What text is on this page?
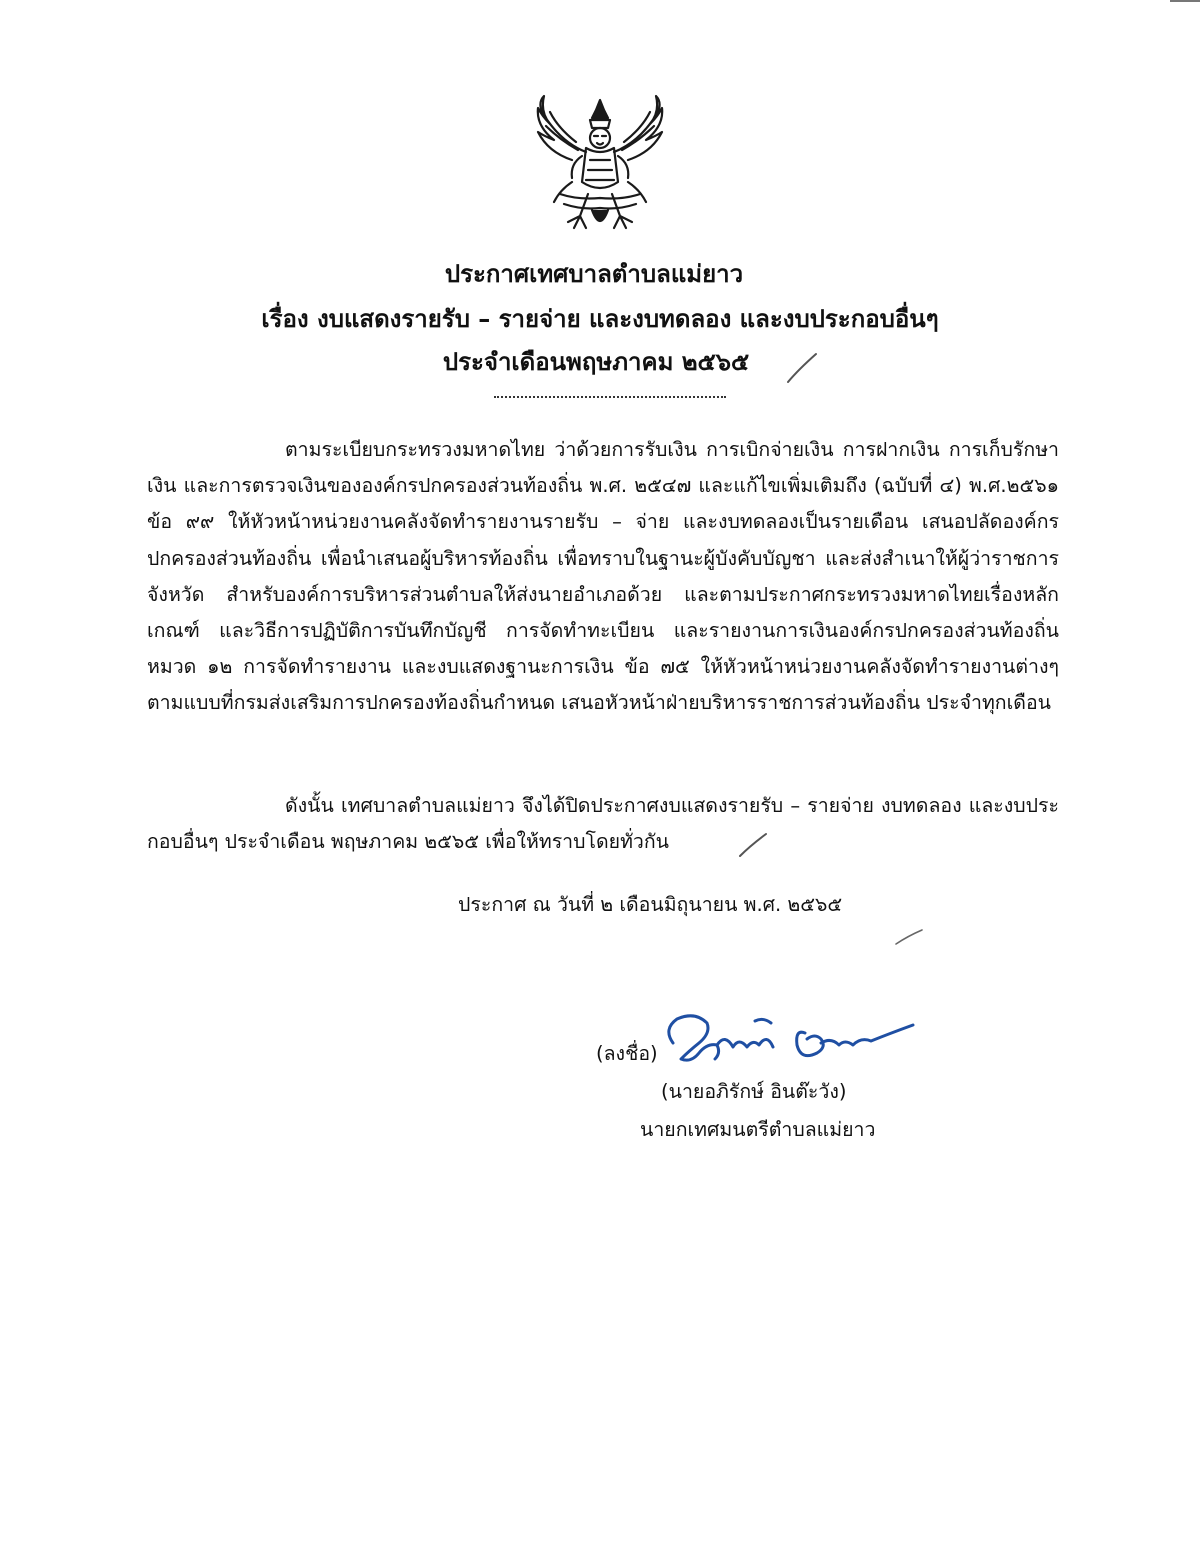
ประกาศเทศบาลตำบลแม่ยาว
เรื่อง งบแสดงรายรับ – รายจ่าย และงบทดลอง และงบประกอบอื่นๆ
ประจำเดือนพฤษภาคม ๒๕๖๕

ตามระเบียบกระทรวงมหาดไทย ว่าด้วยการรับเงิน การเบิกจ่ายเงิน การฝากเงิน การเก็บรักษาเงิน และการตรวจเงินขององค์กรปกครองส่วนท้องถิ่น พ.ศ. ๒๕๔๗ และแก้ไขเพิ่มเติมถึง (ฉบับที่ ๔) พ.ศ.๒๕๖๑ ข้อ ๙๙ ให้หัวหน้าหน่วยงานคลังจัดทำรายงานรายรับ – จ่าย และงบทดลองเป็นรายเดือน เสนอปลัดองค์กรปกครองส่วนท้องถิ่น เพื่อนำเสนอผู้บริหารท้องถิ่น เพื่อทราบในฐานะผู้บังคับบัญชา และส่งสำเนาให้ผู้ว่าราชการจังหวัด สำหรับองค์การบริหารส่วนตำบลให้ส่งนายอำเภอด้วย และตามประกาศกระทรวงมหาดไทยเรื่องหลักเกณฑ์ และวิธีการปฏิบัติการบันทึกบัญชี การจัดทำทะเบียน และรายงานการเงินองค์กรปกครองส่วนท้องถิ่น หมวด ๑๒ การจัดทำรายงาน และงบแสดงฐานะการเงิน ข้อ ๗๕ ให้หัวหน้าหน่วยงานคลังจัดทำรายงานต่างๆ ตามแบบที่กรมส่งเสริมการปกครองท้องถิ่นกำหนด เสนอหัวหน้าฝ่ายบริหารราชการส่วนท้องถิ่น ประจำทุกเดือน

ดังนั้น เทศบาลตำบลแม่ยาว จึงได้ปิดประกาศงบแสดงรายรับ – รายจ่าย งบทดลอง และงบประกอบอื่นๆ ประจำเดือน พฤษภาคม ๒๕๖๕ เพื่อให้ทราบโดยทั่วกัน

ประกาศ ณ วันที่ ๒ เดือนมิถุนายน พ.ศ. ๒๕๖๕
(ลงชื่อ)
(นายอภิรักษ์ อินต๊ะวัง)
นายกเทศมนตรีตำบลแม่ยาว
